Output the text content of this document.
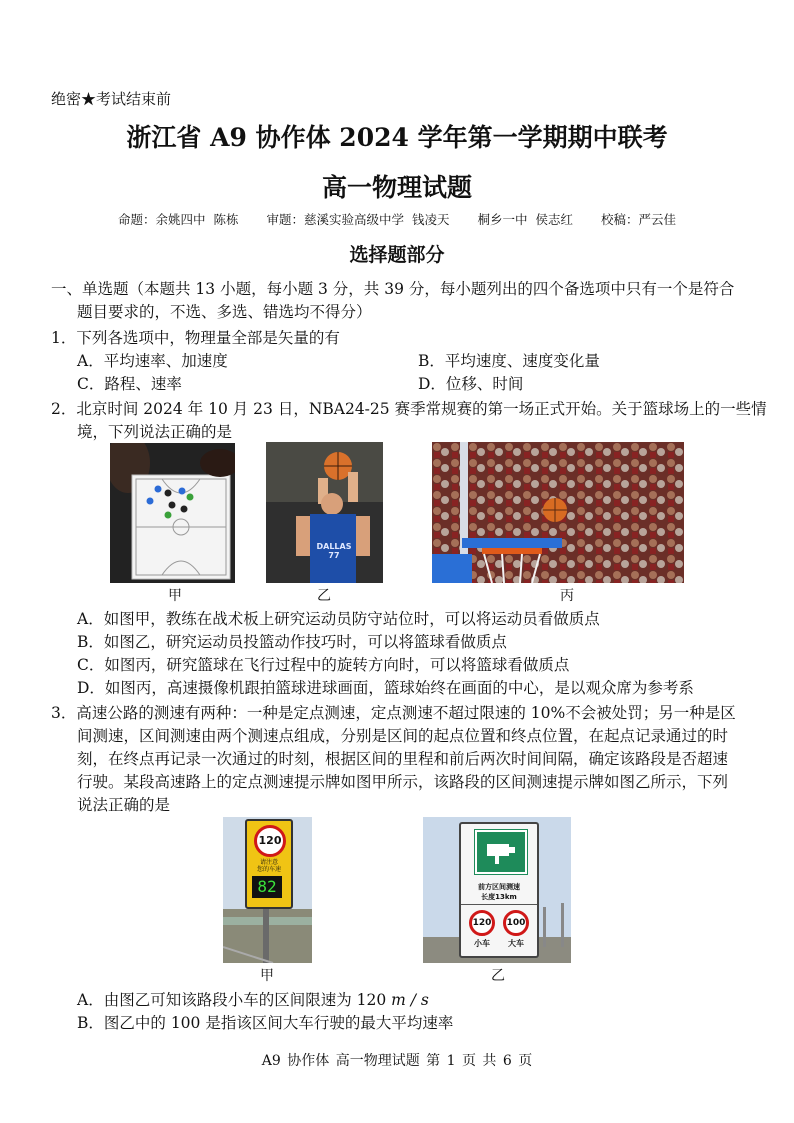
绝密★考试结束前
浙江省 A9 协作体 2024 学年第一学期期中联考
高一物理试题
命题：余姚四中 陈栋 审题：慈溪实验高级中学 钱凌天 桐乡一中 侯志红 校稿：严云佳
选择题部分
一、单选题（本题共 13 小题，每小题 3 分，共 39 分，每小题列出的四个备选项中只有一个是符合
题目要求的，不选、多选、错选均不得分）
1．下列各选项中，物理量全部是矢量的有
A．平均速率、加速度	B．平均速度、速度变化量
C．路程、速率	D．位移、时间
2．北京时间 2024 年 10 月 23 日，NBA24-25 赛季常规赛的第一场正式开始。关于篮球场上的一些情
境，下列说法正确的是
甲
DALLAS 77
乙	丙
A．如图甲，教练在战术板上研究运动员防守站位时，可以将运动员看做质点
B．如图乙，研究运动员投篮动作技巧时，可以将篮球看做质点
C．如图丙，研究篮球在飞行过程中的旋转方向时，可以将篮球看做质点
D．如图丙，高速摄像机跟拍篮球进球画面，篮球始终在画面的中心，是以观众席为参考系
3．高速公路的测速有两种：一种是定点测速，定点测速不超过限速的 10%不会被处罚；另一种是区
间测速，区间测速由两个测速点组成，分别是区间的起点位置和终点位置，在起点记录通过的时
刻，在终点再记录一次通过的时刻，根据区间的里程和前后两次时间间隔，确定该路段是否超速
行驶。某段高速路上的定点测速提示牌如图甲所示，该路段的区间测速提示牌如图乙所示，下列
说法正确的是
120
请注意
您的车速
82
甲
前方区间测速
长度13km
120	100
小车	大车
乙
A．由图乙可知该路段小车的区间限速为 120 m / s
B．图乙中的 100 是指该区间大车行驶的最大平均速率
A9 协作体 高一物理试题 第 1 页 共 6 页
